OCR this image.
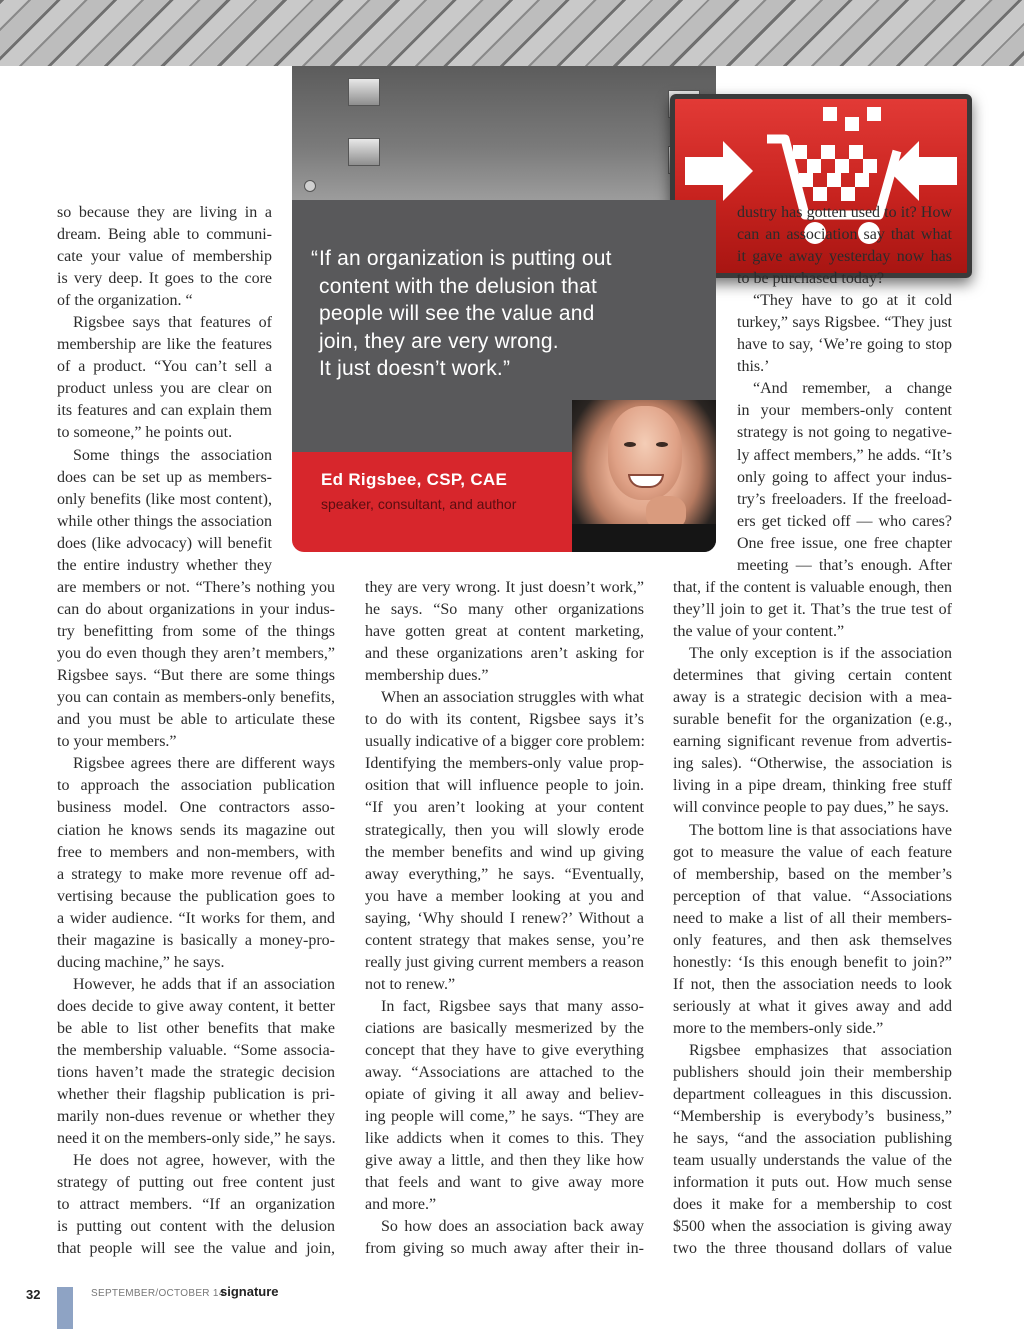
“ If an organization is putting out
content with the delusion that
people will see the value and
join, they are very wrong.
It just doesn’t work.”
Ed Rigsbee, CSP, CAE
speaker, consultant, and author
so because they are living in a
dream. Being able to communi-
cate your value of membership
is very deep. It goes to the core
of the organization. “
Rigsbee says that features of
membership are like the features
of a product. “You can’t sell a
product unless you are clear on
its features and can explain them
to someone,” he points out.
Some things the association
does can be set up as members-
only benefits (like most content),
while other things the association
does (like advocacy) will benefit
the entire industry whether they
are members or not. “There’s nothing you
can do about organizations in your indus-
try benefitting from some of the things
you do even though they aren’t members,”
Rigsbee says. “But there are some things
you can contain as members-only benefits,
and you must be able to articulate these
to your members.”
Rigsbee agrees there are different ways
to approach the association publication
business model. One contractors asso-
ciation he knows sends its magazine out
free to members and non-members, with
a strategy to make more revenue off ad-
vertising because the publication goes to
a wider audience. “It works for them, and
their magazine is basically a money-pro-
ducing machine,” he says.
However, he adds that if an association
does decide to give away content, it better
be able to list other benefits that make
the membership valuable. “Some associa-
tions haven’t made the strategic decision
whether their flagship publication is pri-
marily non-dues revenue or whether they
need it on the members-only side,” he says.
He does not agree, however, with the
strategy of putting out free content just
to attract members. “If an organization
is putting out content with the delusion
that people will see the value and join,
they are very wrong. It just doesn’t work,”
he says. “So many other organizations
have gotten great at content marketing,
and these organizations aren’t asking for
membership dues.”
When an association struggles with what
to do with its content, Rigsbee says it’s
usually indicative of a bigger core problem:
Identifying the members-only value prop-
osition that will influence people to join.
“If you aren’t looking at your content
strategically, then you will slowly erode
the member benefits and wind up giving
away everything,” he says. “Eventually,
you have a member looking at you and
saying, ‘Why should I renew?’ Without a
content strategy that makes sense, you’re
really just giving current members a reason
not to renew.”
In fact, Rigsbee says that many asso-
ciations are basically mesmerized by the
concept that they have to give everything
away. “Associations are attached to the
opiate of giving it all away and believ-
ing people will come,” he says. “They are
like addicts when it comes to this. They
give away a little, and then they like how
that feels and want to give away more
and more.”
So how does an association back away
from giving so much away after their in-
dustry has gotten used to it? How
can an association say that what
it gave away yesterday now has
to be purchased today?
“They have to go at it cold
turkey,” says Rigsbee. “They just
have to say, ‘We’re going to stop
this.’
“And remember, a change
in your members-only content
strategy is not going to negative-
ly affect members,” he adds. “It’s
only going to affect your indus-
try’s freeloaders. If the freeload-
ers get ticked off — who cares?
One free issue, one free chapter
meeting — that’s enough. After
that, if the content is valuable enough, then
they’ll join to get it. That’s the true test of
the value of your content.”
The only exception is if the association
determines that giving certain content
away is a strategic decision with a mea-
surable benefit for the organization (e.g.,
earning significant revenue from advertis-
ing sales). “Otherwise, the association is
living in a pipe dream, thinking free stuff
will convince people to pay dues,” he says.
The bottom line is that associations have
got to measure the value of each feature
of membership, based on the member’s
perception of that value. “Associations
need to make a list of all their members-
only features, and then ask themselves
honestly: ‘Is this enough benefit to join?”
If not, then the association needs to look
seriously at what it gives away and add
more to the members-only side.”
Rigsbee emphasizes that association
publishers should join their membership
department colleagues in this discussion.
“Membership is everybody’s business,”
he says, “and the association publishing
team usually understands the value of the
information it puts out. How much sense
does it make for a membership to cost
$500 when the association is giving away
two the three thousand dollars of value
32	SEPTEMBER/OCTOBER 14
signature
